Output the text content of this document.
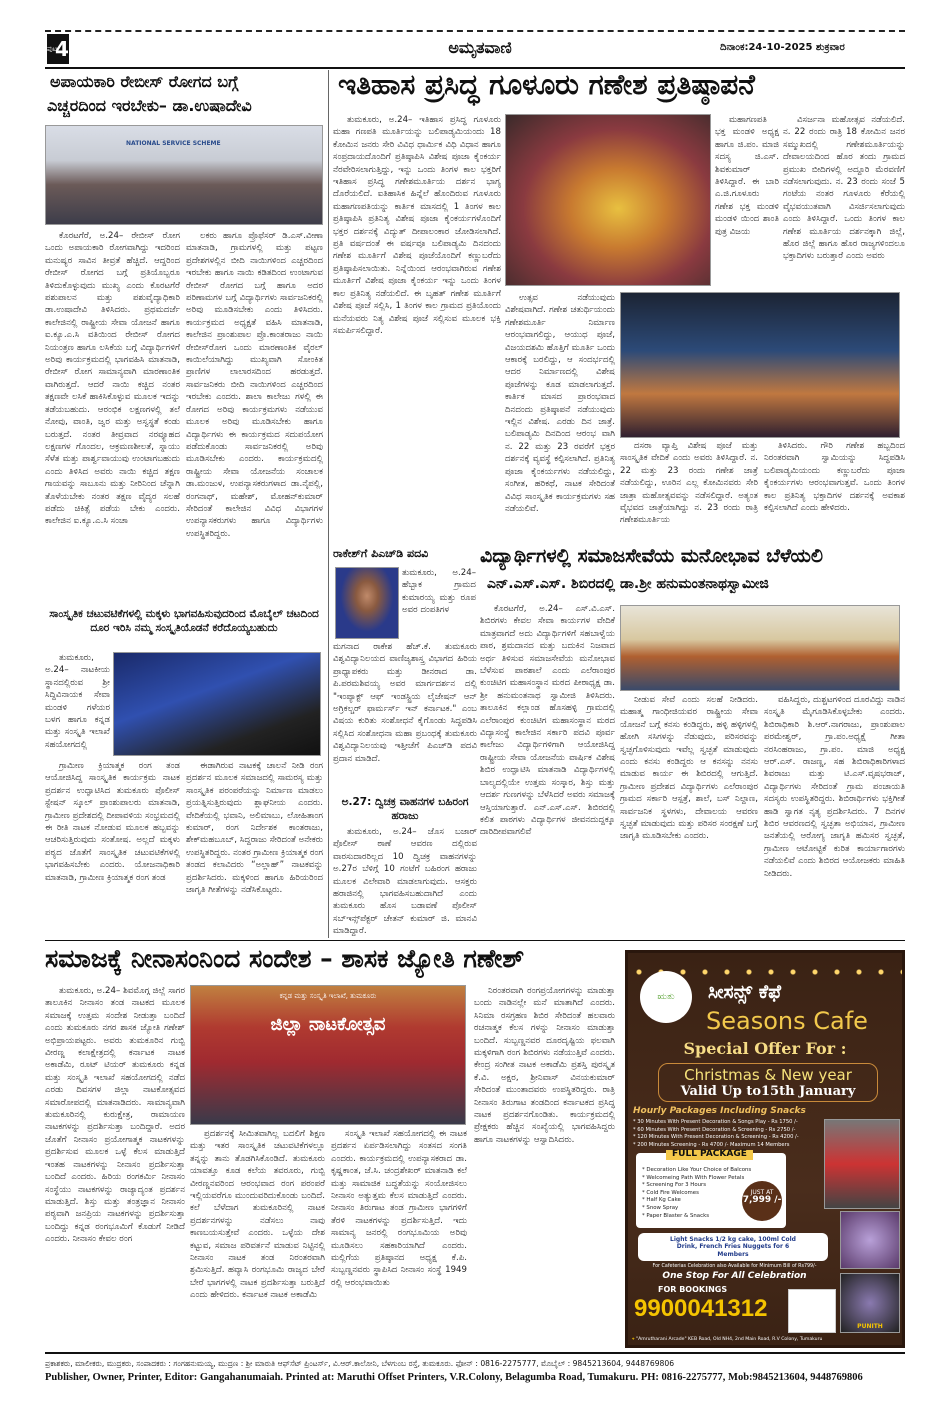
ಪುಟ
4	ಅಮೃತವಾಣಿ	ದಿನಾಂಕ:24-10-2025 ಶುಕ್ರವಾರ
ಅಪಾಯಕಾರಿ ರೇಬೀಸ್ ರೋಗದ ಬಗ್ಗೆ
ಎಚ್ಚರದಿಂದ ಇರಬೇಕು– ಡಾ.ಉಷಾದೇವಿ
NATIONAL SERVICE SCHEME
ಕೊರಟಗೆರೆ, ಅ.24– ರೇಬೀಸ್ ರೋಗ ಒಂದು ಅಪಾಯಕಾರಿ ರೋಗವಾಗಿದ್ದು ಇದರಿಂದ ಮನುಷ್ಯರ ಸಾವಿನ ತೀವ್ರತೆ ಹೆಚ್ಚಿದೆ. ಆದ್ದರಿಂದ ರೇಬೀಸ್ ರೋಗದ ಬಗ್ಗೆ ಪ್ರತಿಯೊಬ್ಬರೂ ತಿಳಿದುಕೊಳ್ಳುವುದು ಮುಖ್ಯ ಎಂದು ಕೊರಟಗೆರೆ ಪಶುಪಾಲನ ಮತ್ತು ಪಶುವೈದ್ಯಾಧಿಕಾರಿ ಡಾ.ಉಷಾದೇವಿ ತಿಳಿಸಿದರು. ಪ್ರಥಮದರ್ಜೆ ಕಾಲೇಜಿನಲ್ಲಿ ರಾಷ್ಟ್ರೀಯ ಸೇವಾ ಯೋಜನೆ ಹಾಗೂ ಐ.ಕ್ಯೂ.ಎ.ಸಿ ವತಿಯಿಂದ ರೇಬೀಸ್ ರೋಗದ ನಿಯಂತ್ರಣ ಹಾಗೂ ಲಸಿಕೆಯ ಬಗ್ಗೆ ವಿದ್ಯಾರ್ಥಿಗಳಿಗೆ ಅರಿವು ಕಾರ್ಯಕ್ರಮದಲ್ಲಿ ಭಾಗವಹಿಸಿ ಮಾತನಾಡಿ, ರೇಬೀಸ್ ರೋಗ ಸಾಮಾನ್ಯವಾಗಿ ಮಾರಣಾಂತಿಕ ವಾಗಿರುತ್ತದೆ. ಆದರೆ ನಾಯಿ ಕಚ್ಚಿದ ನಂತರ ತಕ್ಷಣವೇ ಲಸಿಕೆ ಹಾಕಿಸಿಕೊಳ್ಳುವ ಮೂಲಕ ಇದನ್ನು ತಡೆಯಬಹುದು. ಆರಂಭಿಕ ಲಕ್ಷಣಗಳಲ್ಲಿ ತಲೆ ನೋವು, ವಾಂತಿ, ಜ್ವರ ಮತ್ತು ಅಸ್ವಸ್ಥತೆ ಕಂಡು ಬರುತ್ತದೆ. ನಂತರ ತೀವ್ರವಾದ ನರವ್ಯೂಹದ ಲಕ್ಷಣಗಳ ಗೊಂದಲ, ಆಕ್ರಮಣಶೀಲತೆ, ಸ್ನಾಯು ಸೆಳೆತ ಮತ್ತು ಪಾರ್ಶ್ವವಾಯುವು ಉಂಟಾಗಬಹುದು ಎಂದು ತಿಳಿಸಿದ ಅವರು ನಾಯಿ ಕಚ್ಚಿದ ತಕ್ಷಣ ಗಾಯವನ್ನು ಸಾಬೂನು ಮತ್ತು ನೀರಿನಿಂದ ಚೆನ್ನಾಗಿ ತೊಳೆಯಬೇಕು ನಂತರ ತಕ್ಷಣ ವೈದ್ಯರ ಸಲಹೆ ಪಡೆದು ಚಿಕಿತ್ಸೆ ಪಡೆಯ ಬೇಕು ಎಂದರು. ಕಾಲೇಜಿನ ಐ.ಕ್ಯೂ.ಎ.ಸಿ ಸಂಚಾ
ಲಕರು ಹಾಗೂ ಪ್ರೊಫೆಸರ್ ಡಿ.ಎಸ್.ವೀಣಾ ಮಾತನಾಡಿ, ಗ್ರಾಮಗಳಲ್ಲಿ ಮತ್ತು ಪಟ್ಟಣ ಪ್ರದೇಶಗಳಲ್ಲಿನ ಬೀದಿ ನಾಯಿಗಳಿಂದ ಎಚ್ಚರದಿಂದ ಇರಬೇಕು ಹಾಗೂ ನಾಯಿ ಕಡಿತದಿಂದ ಉಂಟಾಗುವ ರೇಬೀಸ್ ರೋಗದ ಬಗ್ಗೆ ಹಾಗೂ ಅದರ ಪರಿಣಾಮಗಳ ಬಗ್ಗೆ ವಿದ್ಯಾರ್ಥಿಗಳು ಸಾರ್ವಜನಿಕರಲ್ಲಿ ಅರಿವು ಮೂಡಿಸಬೇಕು ಎಂದು ತಿಳಿಸಿದರು. ಕಾರ್ಯಕ್ರಮದ ಅಧ್ಯಕ್ಷತೆ ವಹಿಸಿ ಮಾತನಾಡಿ, ಕಾಲೇಜಿನ ಪ್ರಾಂಶುಪಾಲ ಪ್ರೊ.ಕಾಂತರಾಜು ನಾಯಿ ರೇಬೀಸ್‌ರೋಗ ಒಂದು ಮಾರಣಾಂತಿಕ ವೈರಲ್ ಕಾಯಿಲೆಯಾಗಿದ್ದು ಮುಖ್ಯವಾಗಿ ಸೋಂಕಿತ ಪ್ರಾಣಿಗಳ ಲಾಲಾರಸದಿಂದ ಹರಡುತ್ತದೆ. ಸಾರ್ವಜನಿಕರು ಬೀದಿ ನಾಯಿಗಳಿಂದ ಎಚ್ಚರದಿಂದ ಇರಬೇಕು ಎಂದರು. ಶಾಲಾ ಕಾಲೇಜು ಗಳಲ್ಲಿ ಈ ರೋಗದ ಅರಿವು ಕಾರ್ಯಕ್ರಮಗಳು ನಡೆಯುವ ಮೂಲಕ ಅರಿವು ಮೂಡಿಸಬೇಕು ಹಾಗೂ ವಿದ್ಯಾರ್ಥಿಗಳು ಈ ಕಾರ್ಯಕ್ರಮದ ಸದುಪಯೋಗ ಪಡೆದುಕೊಂಡು ಸಾರ್ವಜನಿಕರಲ್ಲಿ ಅರಿವು ಮೂಡಿಸಬೇಕು ಎಂದರು. ಕಾರ್ಯಕ್ರಮದಲ್ಲಿ ರಾಷ್ಟ್ರೀಯ ಸೇವಾ ಯೋಜನೆಯ ಸಂಚಾಲಕ ಡಾ.ಮಂಜುಳ, ಉಪನ್ಯಾಸಕರುಗಳಾದ ಡಾ.ನೈಪಲ್ಲಿ, ರಂಗನಾಥ್, ಮಹೇಶ್, ಮೋಹನ್‌ಕುಮಾರ್ ಸೇರಿದಂತೆ ಕಾಲೇಜಿನ ವಿವಿಧ ವಿಭಾಗಗಳ ಉಪನ್ಯಾಸಕರುಗಳು ಹಾಗೂ ವಿದ್ಯಾರ್ಥಿಗಳು ಉಪಸ್ಥಿತರಿದ್ದರು.
ಸಾಂಸ್ಕೃತಿಕ ಚಟುವಟಿಕೆಗಳಲ್ಲಿ ಮಕ್ಕಳು ಭಾಗವಹಿಸುವುದರಿಂದ ಮೊಬೈಲ್ ಚಟದಿಂದ ದೂರ ಇರಿಸಿ ನಮ್ಮ ಸಂಸ್ಕೃತಿಯೊಡನೆ ಕರೆದೊಯ್ಯಬಹುದು
ತುಮಕೂರು, ಅ.24– ನಾಟಕೀಯ ಸ್ಥಾನದಲ್ಲಿರುವ ಶ್ರೀ ಸಿದ್ದಿವಿನಾಯಕ ಸೇವಾ ಮಂಡಳಿ ಗಳೆಯರ ಬಳಗ ಹಾಗೂ ಕನ್ನಡ ಮತ್ತು ಸಂಸ್ಕೃತಿ ಇಲಾಖೆ ಸಹಯೋಗದಲ್ಲಿ
ಗ್ರಾಮೀಣ ಕ್ರಿಯಾತ್ಮಕ ರಂಗ ತಂಡ ಆಯೋಜಿಸಿದ್ದ ಸಾಂಸ್ಕೃತಿಕ ಕಾರ್ಯಕ್ರಮ ನಾಟಕ ಪ್ರದರ್ಶನ ಉದ್ಘಾಟಿಸಿದ ತುಮಕೂರು ಪೊಲೀಸ್ ಸ್ಟೇಷನ್ ಸ್ಕೂಲ್ ಪ್ರಾಂಶುಪಾಲರು ಮಾತನಾಡಿ, ಗ್ರಾಮೀಣ ಪ್ರದೇಶದಲ್ಲಿ ದೀಪಾವಳಿಯ ಸಂಭ್ರಮದಲ್ಲಿ ಈ ರೀತಿ ನಾಟಕ ನೋಡುವ ಮೂಲಕ ಹಬ್ಬವನ್ನು ಆಚರಿಸುತ್ತಿರುವುದು ಸಂತೋಷ. ಅಲ್ಲದೆ ಮಕ್ಕಳು ಪಠ್ಯದ ಜೊತೆಗೆ ಸಾಂಸ್ಕೃತಿಕ ಚಟುವಟಿಕೆಗಳಲ್ಲಿ ಭಾಗವಹಿಸಬೇಕು ಎಂದರು. ಯೋಜನಾಧಿಕಾರಿ ಮಾತನಾಡಿ, ಗ್ರಾಮೀಣ ಕ್ರಿಯಾತ್ಮಕ ರಂಗ ತಂಡ
ಈಡಾಗಿರುವ ನಾಟಕಕ್ಕೆ ಚಾಲನೆ ನೀಡಿ ರಂಗ ಪ್ರದರ್ಶನ ಮೂಲಕ ಸಮಾಜದಲ್ಲಿ ಸಾಮರಸ್ಯ ಮತ್ತು ಸಾಂಸ್ಕೃತಿಕ ಪರಂಪರೆಯನ್ನು ನಿರ್ಮಾಣ ಮಾಡಲು ಪ್ರಯತ್ನಿಸುತ್ತಿರುವುದು ಶ್ಲಾಘನೀಯ ಎಂದರು. ವೇದಿಕೆಯಲ್ಲಿ ಭವಾನಿ, ಅಲಿಮಾಬು, ಲೋಹಿತಾಂಗ ಕುಮಾರ್, ರಂಗ ನಿರ್ದೇಶಕ ಕಾಂತರಾಜು, ಶೇಕ್‌ಮಹಬೂಬ್, ಸಿದ್ದರಾಜು ಸೇರಿದಂತೆ ಅನೇಕರು ಉಪಸ್ಥಿತರಿದ್ದರು. ನಂತರ ಗ್ರಾಮೀಣ ಕ್ರಿಯಾತ್ಮಕ ರಂಗ ತಂಡದ ಕಲಾವಿದರು “ಅಲ್ಲಾಹ್” ನಾಟಕವನ್ನು ಪ್ರದರ್ಶಿಸಿದರು. ಮಕ್ಕಳಿಂದ ಹಾಗೂ ಹಿರಿಯರಿಂದ ಜಾಗೃತಿ ಗೀತೆಗಳನ್ನು ನಡೆಸಿಕೊಟ್ಟರು.
ಇತಿಹಾಸ ಪ್ರಸಿದ್ಧ ಗೂಳೂರು ಗಣೇಶ ಪ್ರತಿಷ್ಠಾಪನೆ
ತುಮಕೂರು, ಅ.24– ಇತಿಹಾಸ ಪ್ರಸಿದ್ಧ ಗೂಳೂರು ಮಹಾ ಗಣಪತಿ ಮೂರ್ತಿಯನ್ನು ಬಲಿಪಾಡ್ಯಮಿಯಂದು 18 ಕೋಮಿನ ಜನರು ಸೇರಿ ವಿವಿಧ ಧಾರ್ಮಿಕ ವಿಧಿ ವಿಧಾನ ಹಾಗೂ ಸಂಪ್ರದಾಯದೊಂದಿಗೆ ಪ್ರತಿಷ್ಠಾಪಿಸಿ ವಿಶೇಷ ಪೂಜಾ ಕೈಂಕರ್ಯ ನೆರವೇರಿಸಲಾಗುತ್ತಿದ್ದು, ಇನ್ನು ಒಂದು ತಿಂಗಳ ಕಾಲ ಭಕ್ತರಿಗೆ ಇತಿಹಾಸ ಪ್ರಸಿದ್ಧ ಗಣೇಶಮೂರ್ತಿಯ ದರ್ಶನ ಭಾಗ್ಯ ದೊರೆಯಲಿದೆ. ಐತಿಹಾಸಿಕ ಹಿನ್ನೆಲೆ ಹೊಂದಿರುವ ಗೂಳೂರು ಮಹಾಗಣಪತಿಯನ್ನು ಕಾರ್ತಿಕ ಮಾಸದಲ್ಲಿ 1 ತಿಂಗಳ ಕಾಲ ಪ್ರತಿಷ್ಠಾಪಿಸಿ ಪ್ರತಿನಿತ್ಯ ವಿಶೇಷ ಪೂಜಾ ಕೈಂಕರ್ಯಗಳೊಂದಿಗೆ ಭಕ್ತರ ದರ್ಶನಕ್ಕೆ ವಿದ್ಯುತ್ ದೀಪಾಲಂಕಾರ ಜೋಡಿಸಲಾಗಿದೆ. ಪ್ರತಿ ವರ್ಷದಂತೆ ಈ ವರ್ಷವೂ ಬಲಿಪಾಡ್ಯಮಿ ದಿನದಂದು ಗಣೇಶ ಮೂರ್ತಿಗೆ ವಿಶೇಷ ಪೂಜೆಯೊಂದಿಗೆ ಕಣ್ಣುಬರೆದು ಪ್ರತಿಷ್ಠಾಪಿಸಲಾಯಿತು. ನಿನ್ನೆಯಿಂದ ಆರಂಭವಾಗಿರುವ ಗಣೇಶ ಮೂರ್ತಿಗೆ ವಿಶೇಷ ಪೂಜಾ ಕೈಂಕರ್ಯ ಇನ್ನು ಒಂದು ತಿಂಗಳ ಕಾಲ ಪ್ರತಿನಿತ್ಯ ನಡೆಯಲಿದೆ. ಈ ಬೃಹತ್ ಗಣೇಶ ಮೂರ್ತಿಗೆ ವಿಶೇಷ ಪೂಜೆ ಸಲ್ಲಿಸಿ, 1 ತಿಂಗಳ ಕಾಲ ಗ್ರಾಮದ ಪ್ರತಿಯೊಂದು ಮನೆಯವರು ನಿತ್ಯ ವಿಶೇಷ ಪೂಜೆ ಸಲ್ಲಿಸುವ ಮೂಲಕ ಭಕ್ತಿ ಸಮರ್ಪಿಸಲಿದ್ದಾರೆ.
ಮಹಾಗಣಪತಿ ಭಕ್ತ ಮಂಡಳಿ ಅಧ್ಯಕ್ಷ ಹಾಗೂ ಜಿ.ಪಂ. ಮಾಜಿ ಸದಸ್ಯ ಜಿ.ಎಸ್. ಶಿವಕುಮಾರ್ ತಿಳಿಸಿದ್ದಾರೆ. ಈ ಬಾರಿ ಎ.ಜಿ.ಗೂಳೂರು ಗಣೇಶ ಭಕ್ತ ಮಂಡಳಿ ಮಂಡಳಿ ಯಿಂದ ಶಾಂತಿ ಪುತ್ರ ವಿಜಯ
ವಿಸರ್ಜನಾ ಮಹೋತ್ಸವ ನಡೆಯಲಿದೆ. ನ. 22 ರಂದು ರಾತ್ರಿ 18 ಕೋಮಿನ ಜನರ ಸಮ್ಮುಖದಲ್ಲಿ ಗಣೇಶಮೂರ್ತಿಯನ್ನು ದೇವಾಲಯದಿಂದ ಹೊರ ತಂದು ಗ್ರಾಮದ ಪ್ರಮುಖ ಬೀದಿಗಳಲ್ಲಿ ಅದ್ದೂರಿ ಮೆರವಣಿಗೆ ನಡೆಸಲಾಗುವುದು. ನ. 23 ರಂದು ಸಂಜೆ 5 ಗಂಟೆಯ ನಂತರ ಗೂಳೂರು ಕೆರೆಯಲ್ಲಿ ವೈಭವಯುತವಾಗಿ ವಿಸರ್ಜಿಸಲಾಗುವುದು ಎಂದು ತಿಳಿಸಿದ್ದಾರೆ. ಒಂದು ತಿಂಗಳ ಕಾಲ ಗಣೇಶ ಮೂರ್ತಿಯ ದರ್ಶನಕ್ಕಾಗಿ ಜಿಲ್ಲೆ, ಹೊರ ಜಿಲ್ಲೆ ಹಾಗೂ ಹೊರ ರಾಜ್ಯಗಳಿಂದಲೂ ಭಕ್ತಾದಿಗಳು ಬರುತ್ತಾರೆ ಎಂದು ಅವರು
ಉತ್ಸವ ನಡೆಯುವುದು ವಿಶೇಷವಾಗಿದೆ. ಗಣೇಶ ಚತುರ್ಥಿಯಂದು ಗಣೇಶಮೂರ್ತಿ ನಿರ್ಮಾಣ ಆರಂಭವಾಗಲಿದ್ದು, ಆಯುಧ ಪೂಜೆ, ವಿಜಯದಶಮಿ ಹೊತ್ತಿಗೆ ಮೂರ್ತಿ ಒಂದು ಆಕಾರಕ್ಕೆ ಬರಲಿದ್ದು, ಆ ಸಂದರ್ಭದಲ್ಲಿ ಆದರ ನಿರ್ಮಾಣದಲ್ಲಿ ವಿಶೇಷ ಪೂಜೆಗಳನ್ನು ಕೂಡ ಮಾಡಲಾಗುತ್ತದೆ. ಕಾರ್ತಿಕ ಮಾಸದ ಪ್ರಾರಂಭವಾದ ದಿನದಂದು ಪ್ರತಿಷ್ಠಾಪನೆ ನಡೆಯುವುದು ಇಲ್ಲಿನ ವಿಶೇಷ. ಎರಡು ದಿನ ಜಾತ್ರೆ. ಬಲಿಪಾಡ್ಯಮಿ ದಿನದಿಂದ ಆರಂಭ ವಾಗಿ ನ. 22 ಮತ್ತು 23 ರವರೆಗೆ ಭಕ್ತರ ದರ್ಶನಕ್ಕೆ ವ್ಯವಸ್ಥೆ ಕಲ್ಪಿಸಲಾಗಿದೆ. ಪ್ರತಿನಿತ್ಯ ಪೂಜಾ ಕೈಂಕರ್ಯಗಳು ನಡೆಯಲಿದ್ದು, ಸಂಗೀತ, ಹರಿಕಥೆ, ನಾಟಕ ಸೇರಿದಂತೆ ವಿವಿಧ ಸಾಂಸ್ಕೃತಿಕ ಕಾರ್ಯಕ್ರಮಗಳು ಸಹ ನಡೆಯಲಿವೆ.
ದಸರಾ ವ್ಯಾಪ್ತಿ ವಿಶೇಷ ಪೂಜೆ ಮತ್ತು ಸಾಂಸ್ಕೃತಿಕ ವೇದಿಕೆ ಎಂದು ಅವರು ತಿಳಿಸಿದ್ದಾರೆ. ನ. 22 ಮತ್ತು 23 ರಂದು ಗಣೇಶ ಜಾತ್ರೆ ನಡೆಯಲಿದ್ದು, ಊರಿನ ಎಲ್ಲ ಕೋಮಿನವರು ಸೇರಿ ಜಾತ್ರಾ ಮಹೋತ್ಸವವನ್ನು ನಡೆಸಲಿದ್ದಾರೆ. ಅತ್ಯಂತ ವೈಭವದ ಜಾತ್ರೆಯಾಗಿದ್ದು ನ. 23 ರಂದು ರಾತ್ರಿ ಗಣೇಶಮೂರ್ತಿಯ
ತಿಳಿಸಿದರು. ಗೌರಿ ಗಣೇಶ ಹಬ್ಬದಿಂದ ನಿರಂತರವಾಗಿ ಸ್ವಾಮಿಯನ್ನು ಸಿದ್ಧಪಡಿಸಿ ಬಲಿಪಾಡ್ಯಮಿಯಂದು ಕಣ್ಣುಬರೆದು ಪೂಜಾ ಕೈಂಕರ್ಯಗಳು ಆರಂಭವಾಗುತ್ತವೆ. ಒಂದು ತಿಂಗಳ ಕಾಲ ಪ್ರತಿನಿತ್ಯ ಭಕ್ತಾದಿಗಳ ದರ್ಶನಕ್ಕೆ ಅವಕಾಶ ಕಲ್ಪಿಸಲಾಗಿದೆ ಎಂದು ಹೇಳಿದರು.
ರಾಕೇಶ್‌ಗೆ ಪಿಎಚ್‌ಡಿ ಪದವಿ
ತುಮಕೂರು, ಅ.24– ಹೆಬ್ಬಾಕ ಗ್ರಾಮದ ಕುಮಾರಯ್ಯ ಮತ್ತು ರೂಪ ಅವರ ದಂಪತಿಗಳ
ಮಗನಾದ ರಾಕೇಶ ಹೆಚ್.ಕೆ. ತುಮಕೂರು ವಿಶ್ವವಿದ್ಯಾನಿಲಯದ ವಾಣಿಜ್ಯಶಾಸ್ತ್ರ ವಿಭಾಗದ ಹಿರಿಯ ಪ್ರಾಧ್ಯಾಪಕರು ಮತ್ತು ಡೀನರಾದ ಡಾ. ಪಿ.ಪರಮಶಿವಯ್ಯ ಅವರ ಮಾರ್ಗದರ್ಶನ ದಲ್ಲಿ "ಇಂಪ್ಯಾಕ್ಟ್ ಆಫ್ ಇಂಡಸ್ಟ್ರಿಯ ಲೈಜೇಷನ್ ಆನ್ ಅಗ್ರಿಕಲ್ಚರ್ ಫಾರ್ಮರ್ಸ್ ಇನ್ ಕರ್ನಾಟಕ." ಎಂಬ ವಿಷಯ ಕುರಿತು ಸಂಶೋಧನೆ ಕೈಗೊಂಡು ಸಿದ್ಧಪಡಿಸಿ ಸಲ್ಲಿಸಿದ ಸಂಶೋಧನಾ ಮಹಾ ಪ್ರಬಂಧಕ್ಕೆ ತುಮಕೂರು ವಿಶ್ವವಿದ್ಯಾನಿಲಯವು ಇತ್ತೀಚೆಗೆ ಪಿಎಚ್‌ಡಿ ಪದವಿ ಪ್ರದಾನ ಮಾಡಿದೆ.
ಅ.27: ದ್ವಿಚಕ್ರ ವಾಹನಗಳ ಬಹಿರಂಗ ಹರಾಜು
ತುಮಕೂರು, ಅ.24– ಜೊಸ ಬಜಾರ್ ಪೊಲೀಸ್ ಠಾಣೆ ಆವರಣ ದಲ್ಲಿರುವ ವಾರಸುದಾರರಿಲ್ಲದ 10 ದ್ವಿಚಕ್ರ ವಾಹನಗಳನ್ನು ಅ.27ರ ಬೆಳಿಗ್ಗೆ 10 ಗಂಟೆಗೆ ಬಹಿರಂಗ ಹರಾಜು ಮೂಲಕ ವಿಲೇವಾರಿ ಮಾಡಲಾಗುವುದು. ಆಸಕ್ತರು ಹರಾಜಿನಲ್ಲಿ ಭಾಗವಹಿಸಬಹುದಾಗಿದೆ ಎಂದು ತುಮಕೂರು ಹೊಸ ಬಡಾವಣೆ ಪೊಲೀಸ್ ಸಬ್‌ಇನ್ಸ್‌ಪೆಕ್ಟರ್ ಚೇತನ್ ಕುಮಾರ್ ಜಿ. ಮಾನವಿ ಮಾಡಿದ್ದಾರೆ.
ವಿದ್ಯಾರ್ಥಿಗಳಲ್ಲಿ ಸಮಾಜಸೇವೆಯ ಮನೋಭಾವ ಬೆಳೆಯಲಿ
ಎನ್.ಎಸ್.ಎಸ್. ಶಿಬಿರದಲ್ಲಿ ಡಾ.ಶ್ರೀ ಹನುಮಂತನಾಥಸ್ವಾಮೀಜಿ
ಕೊರಟಗೆರೆ, ಅ.24– ಎಸ್.ವಿ.ಎಸ್. ಶಿಬಿರಗಳು ಕೇವಲ ಸೇವಾ ಕಾರ್ಯಗಳ ವೇದಿಕೆ ಮಾತ್ರವಾಗದೆ ಅದು ವಿದ್ಯಾರ್ಥಿಗಳಿಗೆ ಸಹಬಾಳ್ವೆಯ ಪಾಠ, ಶ್ರಮದಾನದ ಮತ್ತು ಬದುಕಿನ ನಿಜವಾದ ಅರ್ಥ ತಿಳಿಸುವ ಸಮಾಜಸೇವೆಯ ಮನೋಭಾವ ಬೆಳೆಸುವ ಪಾಠಶಾಲೆ ಎಂದು ಎಲೆರಾಂಪುರ ಕುಂಚಿಟಿಗ ಮಹಾಸಂಸ್ಥಾನ ಮಠದ ಪೀಠಾಧ್ಯಕ್ಷ ಡಾ. ಶ್ರೀ ಹನುಮಂತನಾಥ ಸ್ವಾಮೀಜಿ ತಿಳಿಸಿದರು. ತಾಲೂಕಿನ ಕಲ್ಲಾಂಡ ಹೊಸಹಳ್ಳಿ ಗ್ರಾಮದಲ್ಲಿ ಎಲೆರಾಂಪುರ ಕುಂಚಿಟಿಗ ಮಹಾಸಂಸ್ಥಾನ ಮಠದ ವಿದ್ಯಾಸಂಸ್ಥೆ ಕಾಲೇಜಿನ ಸರ್ಕಾರಿ ಪದವಿ ಪೂರ್ವ ಕಾಲೇಜು ವಿದ್ಯಾರ್ಥಿಗಳಿಗಾಗಿ ಆಯೋಜಿಸಿದ್ದ ರಾಷ್ಟ್ರೀಯ ಸೇವಾ ಯೋಜನೆಯ ವಾರ್ಷಿಕ ವಿಶೇಷ ಶಿಬಿರ ಉದ್ಘಾಟಿಸಿ ಮಾತನಾಡಿ ವಿದ್ಯಾರ್ಥಿಗಳಲ್ಲಿ ಬಾಲ್ಯದಲ್ಲಿಯೇ ಉತ್ತಮ ಸಂಸ್ಕಾರ, ಶಿಸ್ತು ಮತ್ತು ಆದರ್ಶ ಗುಣಗಳನ್ನು ಬೆಳೆಸಿದರೆ ಅವರು ಸಮಾಜಕ್ಕೆ ಆಸ್ತಿಯಾಗುತ್ತಾರೆ. ಎನ್.ಎಸ್.ಎಸ್. ಶಿಬಿರದಲ್ಲಿ ಕಲಿತ ಪಾಠಗಳು ವಿದ್ಯಾರ್ಥಿಗಳ ಜೀವನದುದ್ದಕ್ಕೂ ದಾರಿದೀಪವಾಗಲಿವೆ
ನೀಡುವ ಸೇವೆ ಎಂದು ಸಲಹೆ ನೀಡಿದರು. ಮಹಾತ್ಮ ಗಾಂಧೀಜಿಯವರ ರಾಷ್ಟ್ರೀಯ ಸೇವಾ ಯೋಜನೆ ಬಗ್ಗೆ ಕನಸು ಕಂಡಿದ್ದರು, ಹಳ್ಳಿ ಹಳ್ಳಿಗಳಲ್ಲಿ ಹೋಗಿ ಸಸಿಗಳನ್ನು ನೆಡುವುದು, ಪರಿಸರವನ್ನು ಸ್ವಚ್ಛಗೊಳಿಸುವುದು ಇವೆಲ್ಲ ಸ್ವಚ್ಛತೆ ಮಾಡುವುದು ಎಂದು ಕನಸು ಕಂಡಿದ್ದರು ಆ ಕನಸನ್ನು ನನಸು ಮಾಡುವ ಕಾರ್ಯ ಈ ಶಿಬಿರದಲ್ಲಿ ಆಗುತ್ತಿದೆ. ಗ್ರಾಮೀಣ ಪ್ರದೇಶದ ವಿದ್ಯಾರ್ಥಿಗಳು ಎಲೆರಾಂಪುರ ಗ್ರಾಮದ ಸರ್ಕಾರಿ ಆಸ್ಪತ್ರೆ, ಶಾಲೆ, ಬಸ್ ನಿಲ್ದಾಣ, ಸಾರ್ವಜನಿಕ ಸ್ಥಳಗಳು, ದೇವಾಲಯ ಆವರಣ ಸ್ವಚ್ಛತೆ ಮಾಡುವುದು ಮತ್ತು ಪರಿಸರ ಸಂರಕ್ಷಣೆ ಬಗ್ಗೆ ಜಾಗೃತಿ ಮೂಡಿಸಬೇಕು ಎಂದರು.
ವಹಿಸಿದ್ದರು, ದುಶ್ಚಟಗಳಿಂದ ದೂರವಿದ್ದು ನಾಡಿನ ಸಂಸ್ಕೃತಿ ಮೈಗೂಡಿಸಿಕೊಳ್ಳಬೇಕು ಎಂದರು. ಶಿಬಿರಾಧಿಕಾರಿ ಶಿ.ಆರ್.ನಾಗರಾಜು, ಪ್ರಾಂಶುಪಾಲ ಪರಮೇಶ್ವರ್, ಗ್ರಾ.ಪಂ.ಅಧ್ಯಕ್ಷೆ ಗೀತಾ ನರಸಿಂಹರಾಜು, ಗ್ರಾ.ಪಂ. ಮಾಜಿ ಅಧ್ಯಕ್ಷ ಆರ್.ಎಸ್. ರಾಜಣ್ಣ, ಸಹ ಶಿಬಿರಾಧಿಕಾರಿಗಳಾದ ಶಿವರಾಜು ಮತ್ತು ಟಿ.ಎಸ್.ವೃಷಭರಾಜ್, ವಿದ್ಯಾರ್ಥಿಗಳು ಸೇರಿದಂತೆ ಗ್ರಾಮ ಪಂಚಾಯತಿ ಸದಸ್ಯರು ಉಪಸ್ಥಿತರಿದ್ದರು. ಶಿಬಿರಾರ್ಥಿಗಳು ಭಕ್ತಿಗೀತೆ ಹಾಡಿ ಸ್ವಾಗತ ನೃತ್ಯ ಪ್ರದರ್ಶಿಸಿದರು. 7 ದಿನಗಳ ಶಿಬಿರ ಆವರಣದಲ್ಲಿ ಸ್ವಚ್ಛತಾ ಅಭಿಯಾನ, ಗ್ರಾಮೀಣ ಜನತೆಯಲ್ಲಿ ಆರೋಗ್ಯ ಜಾಗೃತಿ ಹಮಿಸರ ಸ್ವಚ್ಛತೆ, ಗ್ರಾಮೀಣ ಆಟೋಟ್ಟಿಕೆ ಕುರಿತ ಕಾರ್ಯಾಗಾರಗಳು ನಡೆಯಲಿವೆ ಎಂದು ಶಿಬಿರದ ಆಯೋಜಕರು ಮಾಹಿತಿ ನೀಡಿದರು.
ಸಮಾಜಕ್ಕೆ ನೀನಾಸಂನಿಂದ ಸಂದೇಶ – ಶಾಸಕ ಜ್ಯೋತಿ ಗಣೇಶ್
ತುಮಕೂರು, ಅ.24– ಶಿವಮೊಗ್ಗ ಜಿಲ್ಲೆ ಸಾಗರ ತಾಲೂಕಿನ ನೀನಾಸಂ ತಂಡ ನಾಟಕದ ಮೂಲಕ ಸಮಾಜಕ್ಕೆ ಉತ್ತಮ ಸಂದೇಶ ನೀಡುತ್ತಾ ಬಂದಿದೆ ಎಂದು ತುಮಕೂರು ನಗರ ಶಾಸಕ ಜ್ಯೋತಿ ಗಣೇಶ್ ಅಭಿಪ್ರಾಯಪಟ್ಟರು. ಅವರು ತುಮಕೂರಿನ ಗುಬ್ಬಿ ವೀರಣ್ಣ ಕಲಾಕ್ಷೇತ್ರದಲ್ಲಿ ಕರ್ನಾಟಕ ನಾಟಕ ಅಕಾಡೆಮಿ, ರೂಟ್ ಟಿಯರ್ ತುಮಕೂರು ಕನ್ನಡ ಮತ್ತು ಸಂಸ್ಕೃತಿ ಇಲಾಖೆ ಸಹಯೋಗದಲ್ಲಿ ನಡೆದ ಎರಡು ದಿವಸಗಳ ಜಿಲ್ಲಾ ನಾಟಕೋತ್ಸವದ ಸಮಾರೋಪದಲ್ಲಿ ಮಾತನಾಡಿದರು. ಸಾಮಾನ್ಯವಾಗಿ ತುಮಕೂರಿನಲ್ಲಿ ಕುರುಕ್ಷೇತ್ರ, ರಾಮಾಯಣ ನಾಟಕಗಳನ್ನು ಪ್ರದರ್ಶಿಸುತ್ತಾ ಬಂದಿದ್ದಾರೆ. ಅದರ ಜೊತೆಗೆ ನೀನಾಸಂ ಪ್ರಯೋಗಾತ್ಮಕ ನಾಟಕಗಳನ್ನು ಪ್ರದರ್ಶಿಸುವ ಮೂಲಕ ಒಳ್ಳೆ ಕೆಲಸ ಮಾಡುತ್ತಿದೆ ಇಂತಹ ನಾಟಕಗಳನ್ನು ನೀನಾಸಂ ಪ್ರದರ್ಶಿಸುತ್ತಾ ಬಂದಿದೆ ಎಂದರು. ಹಿರಿಯ ರಂಗಕರ್ಮಿ ನೀನಾಸಂ ಸಂಸ್ಥೆಯು ನಾಟಕಗಳನ್ನು ರಾಜ್ಯಾದ್ಯಂತ ಪ್ರದರ್ಶನ ಮಾಡುತ್ತಿದೆ. ಶಿಸ್ತು ಮತ್ತು ತಂತ್ರಜ್ಞಾನ ನೀನಾಸಂ ಪಠ್ಯವಾಗಿ ಜನಪ್ರಿಯ ನಾಟಕಗಳನ್ನು ಪ್ರದರ್ಶಿಸುತ್ತಾ ಬಂದಿದ್ದು ಕನ್ನಡ ರಂಗಭೂಮಿಗೆ ಕೊಡುಗೆ ನೀಡಿದೆ ಎಂದರು. ನೀನಾಸಂ ಕೇವಲ ರಂಗ
ಕನ್ನಡ ಮತ್ತು ಸಂಸ್ಕೃತಿ ಇಲಾಖೆ, ತುಮಕೂರು
ಜಿಲ್ಲಾ ನಾಟಕೋತ್ಸವ
ಪ್ರದರ್ಶನಕ್ಕೆ ಸೀಮಿತವಾಗಿಲ್ಲ ಬದಲಿಗೆ ಶಿಕ್ಷಣ ಮತ್ತು ಇತರ ಸಾಂಸ್ಕೃತಿಕ ಚಟುವಟಿಕೆಗಳಲ್ಲೂ ತನ್ನನ್ನು ತಾನು ತೊಡಗಿಸಿಕೊಂಡಿದೆ. ತುಮಕೂರು ಯಾವತ್ತೂ ಕೂಡ ಕಲೆಯ ತವರೂರು, ಗುಬ್ಬಿ ವೀರಣ್ಣನವರಿಂದ ಆರಂಭವಾದ ರಂಗ ಪರಂಪರೆ ಇಲ್ಲಿಯವರೆಗೂ ಮುಂದುವರಿದುಕೊಂಡು ಬಂದಿದೆ. ಕಲೆ ಬೆಳೆದಾಗ ತುಮಕೂರಿನಲ್ಲಿ ನಾಟಕ ಪ್ರದರ್ಶನಗಳನ್ನು ನಡೆಸಲು ನಾವು ಕಾಣಬಯಸುತ್ತೇವೆ ಎಂದರು. ಒಳ್ಳೆಯ ದೇಶ ಕಟ್ಟುವ, ಸಮಾಜ ಪರಿವರ್ತನೆ ಮಾಡುವ ನಿಟ್ಟಿನಲ್ಲಿ ನೀನಾಸಂ ನಾಟಕ ತಂಡ ನಿರಂತರವಾಗಿ ಶ್ರಮಿಸುತ್ತಿದೆ. ಹವ್ಯಾಸಿ ರಂಗಭೂಮಿ ರಾಜ್ಯದ ಬೇರೆ ಬೇರೆ ಭಾಗಗಳಲ್ಲಿ ನಾಟಕ ಪ್ರದರ್ಶಿಸುತ್ತಾ ಬರುತ್ತಿದೆ ಎಂದು ಹೇಳಿದರು. ಕರ್ನಾಟಕ ನಾಟಕ ಅಕಾಡೆಮಿ
ಸಂಸ್ಕೃತಿ ಇಲಾಖೆ ಸಹಯೋಗದಲ್ಲಿ ಈ ನಾಟಕ ಪ್ರದರ್ಶನ ಏರ್ಪಡಿಸಲಾಗಿದ್ದು ಸಂತಸದ ಸಂಗತಿ ಎಂದರು. ಕಾರ್ಯಕ್ರಮದಲ್ಲಿ ಉಪನ್ಯಾಸಕರಾದ ಡಾ. ಕೃಷ್ಣಕಾಂತ, ಜೆ.ಸಿ. ಚಂದ್ರಶೇಖರ್ ಮಾತನಾಡಿ ಕಲೆ ಮತ್ತು ಸಾಮಾಜಿಕ ಬದ್ಧತೆಯನ್ನು ಸಂಯೋಜಿಸಲು ನೀನಾಸಂ ಅತ್ಯುತ್ತಮ ಕೆಲಸ ಮಾಡುತ್ತಿದೆ ಎಂದರು. ನೀನಾಸಂ ತಿರುಗಾಟ ತಂಡ ಗ್ರಾಮೀಣ ಭಾಗಗಳಿಗೆ ತೆರಳಿ ನಾಟಕಗಳನ್ನು ಪ್ರದರ್ಶಿಸುತ್ತಿದೆ. ಇದು ಸಾಮಾನ್ಯ ಜನರಲ್ಲಿ ರಂಗಭೂಮಿಯ ಅರಿವು ಮೂಡಿಸಲು ಸಹಕಾರಿಯಾಗಿದೆ ಎಂದರು. ಮಲ್ಲಿಗೆಯ ಪ್ರತಿಷ್ಠಾನದ ಅಧ್ಯಕ್ಷ ಕೆ.ಪಿ. ಸುಬ್ಬಣ್ಣನವರು ಸ್ಥಾಪಿಸಿದ ನೀನಾಸಂ ಸಂಸ್ಥೆ 1949 ರಲ್ಲಿ ಆರಂಭವಾಯಿತು
ನಿರಂತರವಾಗಿ ರಂಗಪ್ರಯೋಗಗಳನ್ನು ಮಾಡುತ್ತಾ ಬಂದು ನಾಡಿನಲ್ಲೇ ಮನೆ ಮಾತಾಗಿದೆ ಎಂದರು. ಸಿನಿಮಾ ರಸಗ್ರಹಣ ಶಿಬಿರ ಸೇರಿದಂತೆ ಹಲವಾರು ರಚನಾತ್ಮಕ ಕೆಲಸ ಗಳನ್ನು ನೀನಾಸಂ ಮಾಡುತ್ತಾ ಬಂದಿದೆ. ಸುಬ್ಬಣ್ಣನವರ ದೂರದೃಷ್ಟಿಯ ಫಲವಾಗಿ ಮಕ್ಕಳಿಗಾಗಿ ರಂಗ ಶಿಬಿರಗಳು ನಡೆಯುತ್ತಿವೆ ಎಂದರು. ಕೇಂದ್ರ ಸಂಗೀತ ನಾಟಕ ಅಕಾಡೆಮಿ ಪ್ರಶಸ್ತಿ ಪುರಸ್ಕೃತ ಕೆ.ವಿ. ಅಕ್ಷರ, ಶ್ರೀನಿವಾಸ್ ವಿನಯಕುಮಾರ್ ಸೇರಿದಂತೆ ಮುಂತಾದವರು ಉಪಸ್ಥಿತರಿದ್ದರು. ರಾತ್ರಿ ನೀನಾಸಂ ತಿರುಗಾಟ ತಂಡದಿಂದ ಕರ್ನಾಟಕದ ಪ್ರಸಿದ್ಧ ನಾಟಕ ಪ್ರದರ್ಶನಗೊಂಡಿತು. ಕಾರ್ಯಕ್ರಮದಲ್ಲಿ ಪ್ರೇಕ್ಷಕರು ಹೆಚ್ಚಿನ ಸಂಖ್ಯೆಯಲ್ಲಿ ಭಾಗವಹಿಸಿದ್ದರು ಹಾಗೂ ನಾಟಕಗಳನ್ನು ಆಸ್ವಾದಿಸಿದರು.
ಋತು	ಸೀಸನ್ಸ್ ಕೆಫೆ
Seasons Cafe
Special Offer For :
Christmas & New year
Valid Up to15th January
Hourly Packages Including Snacks
* 30 Minutes With Present Decoration & Songs Play - Rs 1750 /-
* 60 Minutes With Present Decoration & Screening - Rs 2750 /-
* 120 Minutes With Present Decoration & Screening - Rs 4200 /-
* 200 Minutes Screening - Rs 4700 /- Maximum 14 Members
FULL PACKAGE
* Decoration Like Your Choice of Balcons
* Welcomeing Path With Flower Petals
* Screening For 3 Hours
* Cold Fire Welcomes
* Half Kg Cake
* Snow Spray
* Paper Blaster & Snacks
JUST AT
7,999 /-
Light Snacks 1/2 kg cake, 100ml Cold Drink, French Fries Nuggets for 6 Members
For Cafeterias Celebration also Available for Minimum Bill of Rs799/-
One Stop For All Celebration
FOR BOOKINGS
9900041312
PUNITH
⌖ "Amrutharani Arcade" KEB Road, Old NH4, 2nd Main Road, R.V Colony, Tumakuru
ಪ್ರಕಾಶಕರು, ಮಾಲೀಕರು, ಮುದ್ರಕರು, ಸಂಪಾದಕರು : ಗಂಗಹನುಮಯ್ಯ, ಮುದ್ರಣ : ಶ್ರೀ ಮಾರುತಿ ಆಫ್‌ಸೆಟ್ ಪ್ರಿಂಟರ್ಸ್, ವಿ.ಆರ್.ಕಾಲೋನಿ, ಬೆಳಗುಂಬ ರಸ್ತೆ, ತುಮಕೂರು. ಫೋನ್ : 0816-2275777, ಮೊಬೈಲ್ : 9845213604, 9448769806
Publisher, Owner, Printer, Editor: Gangahanumaiah. Printed at: Maruthi Offset Printers, V.R.Colony, Belagumba Road, Tumakuru. PH: 0816-2275777, Mob:9845213604, 9448769806
